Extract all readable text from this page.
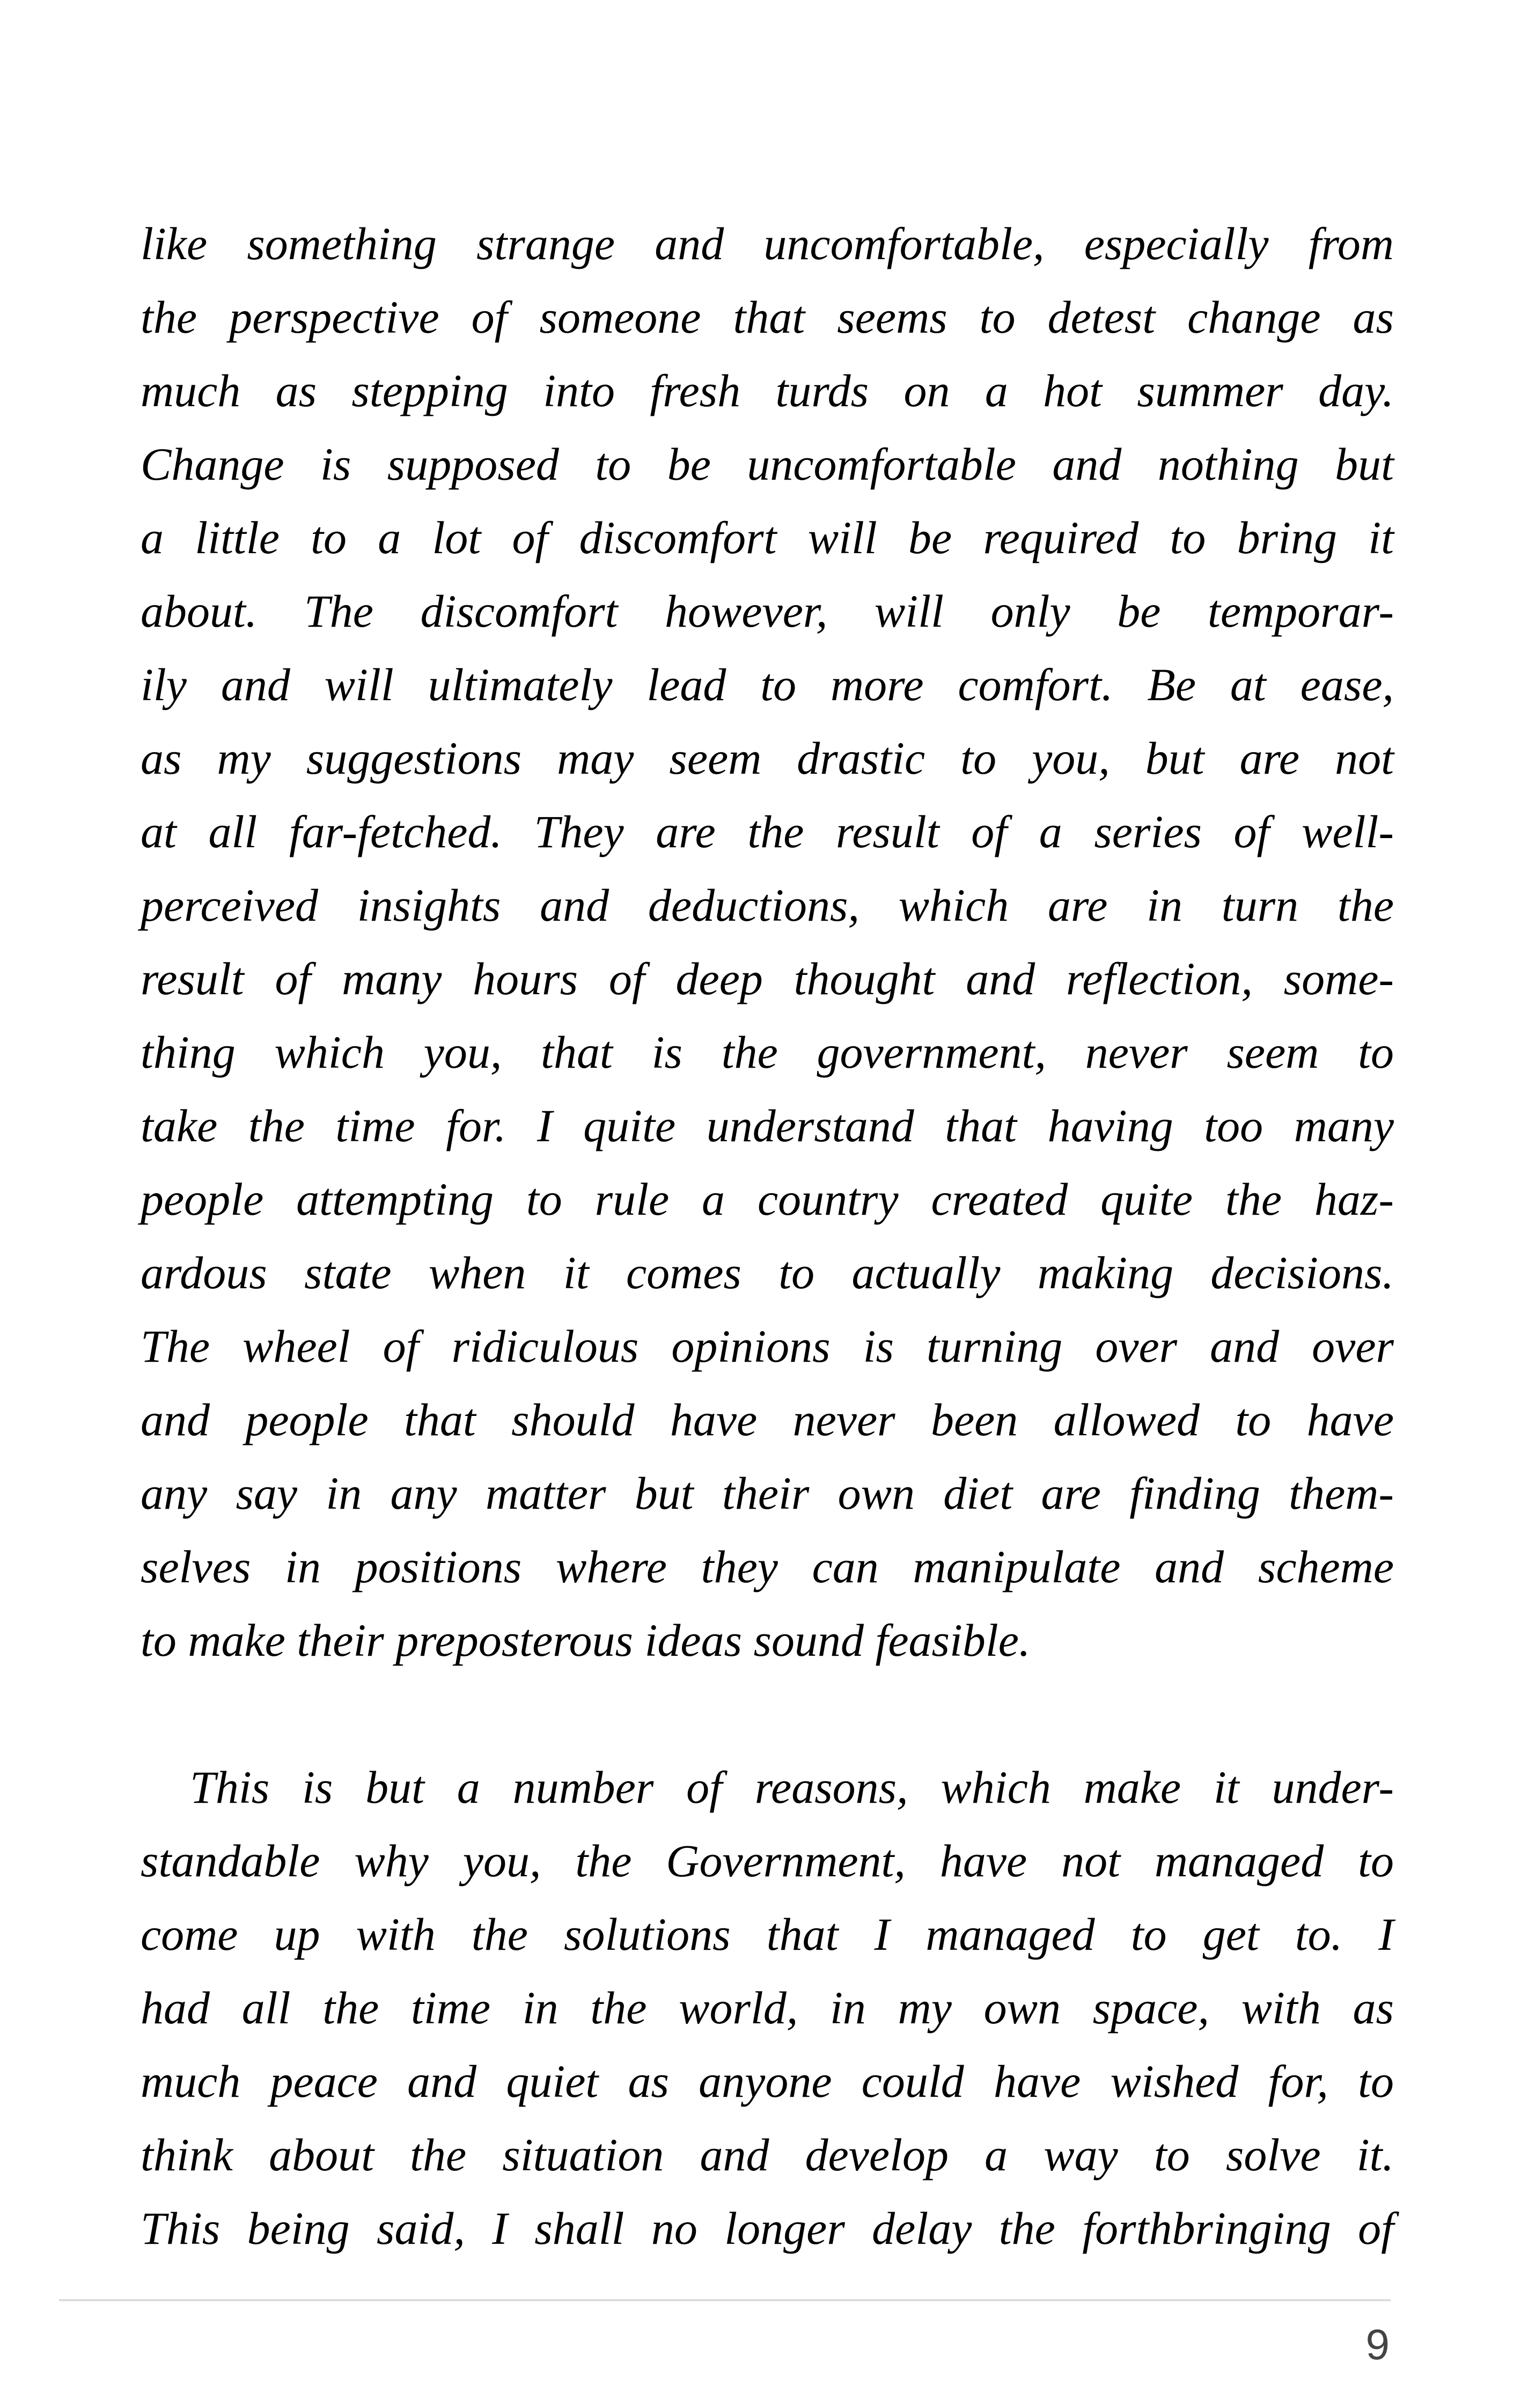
like something strange and uncomfortable, especially from
the perspective of someone that seems to detest change as
much as stepping into fresh turds on a hot summer day.
Change is supposed to be uncomfortable and nothing but
a little to a lot of discomfort will be required to bring it
about. The discomfort however, will only be temporar-
ily and will ultimately lead to more comfort. Be at ease,
as my suggestions may seem drastic to you, but are not
at all far-fetched. They are the result of a series of well-
perceived insights and deductions, which are in turn the
result of many hours of deep thought and reflection, some-
thing which you, that is the government, never seem to
take the time for. I quite understand that having too many
people attempting to rule a country created quite the haz-
ardous state when it comes to actually making decisions.
The wheel of ridiculous opinions is turning over and over
and people that should have never been allowed to have
any say in any matter but their own diet are finding them-
selves in positions where they can manipulate and scheme
to make their preposterous ideas sound feasible.
This is but a number of reasons, which make it under-
standable why you, the Government, have not managed to
come up with the solutions that I managed to get to. I
had all the time in the world, in my own space, with as
much peace and quiet as anyone could have wished for, to
think about the situation and develop a way to solve it.
This being said, I shall no longer delay the forthbringing of
9
